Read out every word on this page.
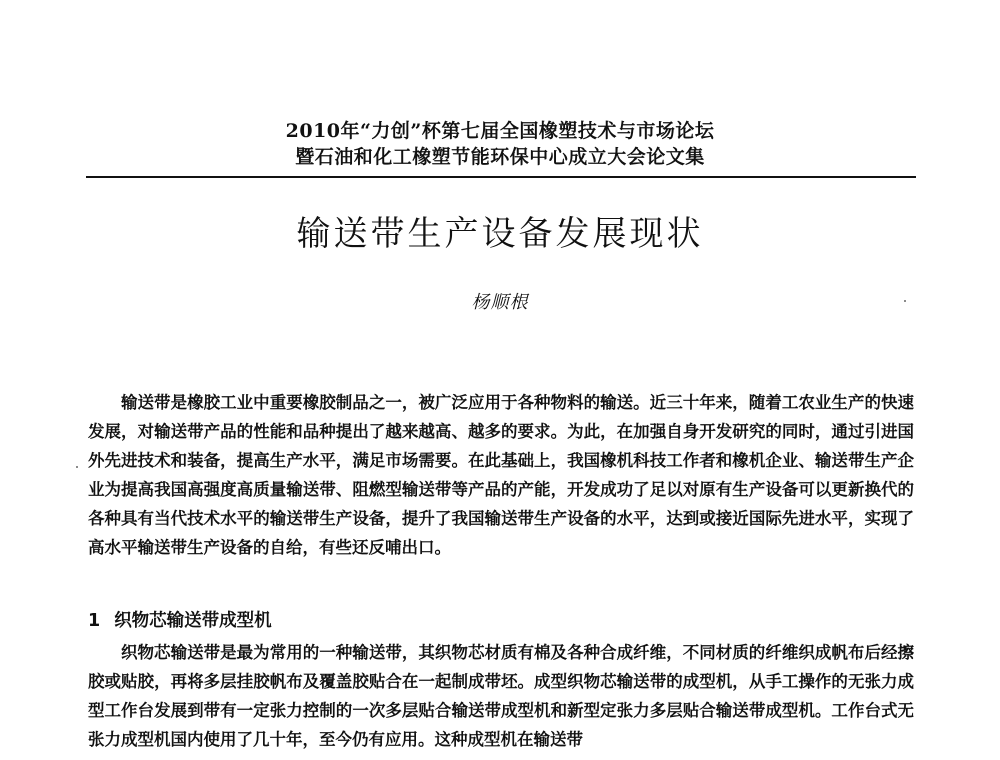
2010年“力创”杯第七届全国橡塑技术与市场论坛
暨石油和化工橡塑节能环保中心成立大会论文集
输送带生产设备发展现状
杨顺根

输送带是橡胶工业中重要橡胶制品之一，被广泛应用于各种物料的输送。近三十年来，随着工农业生产的快速发展，对输送带产品的性能和品种提出了越来越高、越多的要求。为此，在加强自身开发研究的同时，通过引进国外先进技术和装备，提高生产水平，满足市场需要。在此基础上，我国橡机科技工作者和橡机企业、输送带生产企业为提高我国高强度高质量输送带、阻燃型输送带等产品的产能，开发成功了足以对原有生产设备可以更新换代的各种具有当代技术水平的输送带生产设备，提升了我国输送带生产设备的水平，达到或接近国际先进水平，实现了高水平输送带生产设备的自给，有些还反哺出口。

1 织物芯输送带成型机

织物芯输送带是最为常用的一种输送带，其织物芯材质有棉及各种合成纤维，不同材质的纤维织成帆布后经擦胶或贴胶，再将多层挂胶帆布及覆盖胶贴合在一起制成带坯。成型织物芯输送带的成型机，从手工操作的无张力成型工作台发展到带有一定张力控制的一次多层贴合输送带成型机和新型定张力多层贴合输送带成型机。工作台式无张力成型机国内使用了几十年，至今仍有应用。这种成型机在输送带
